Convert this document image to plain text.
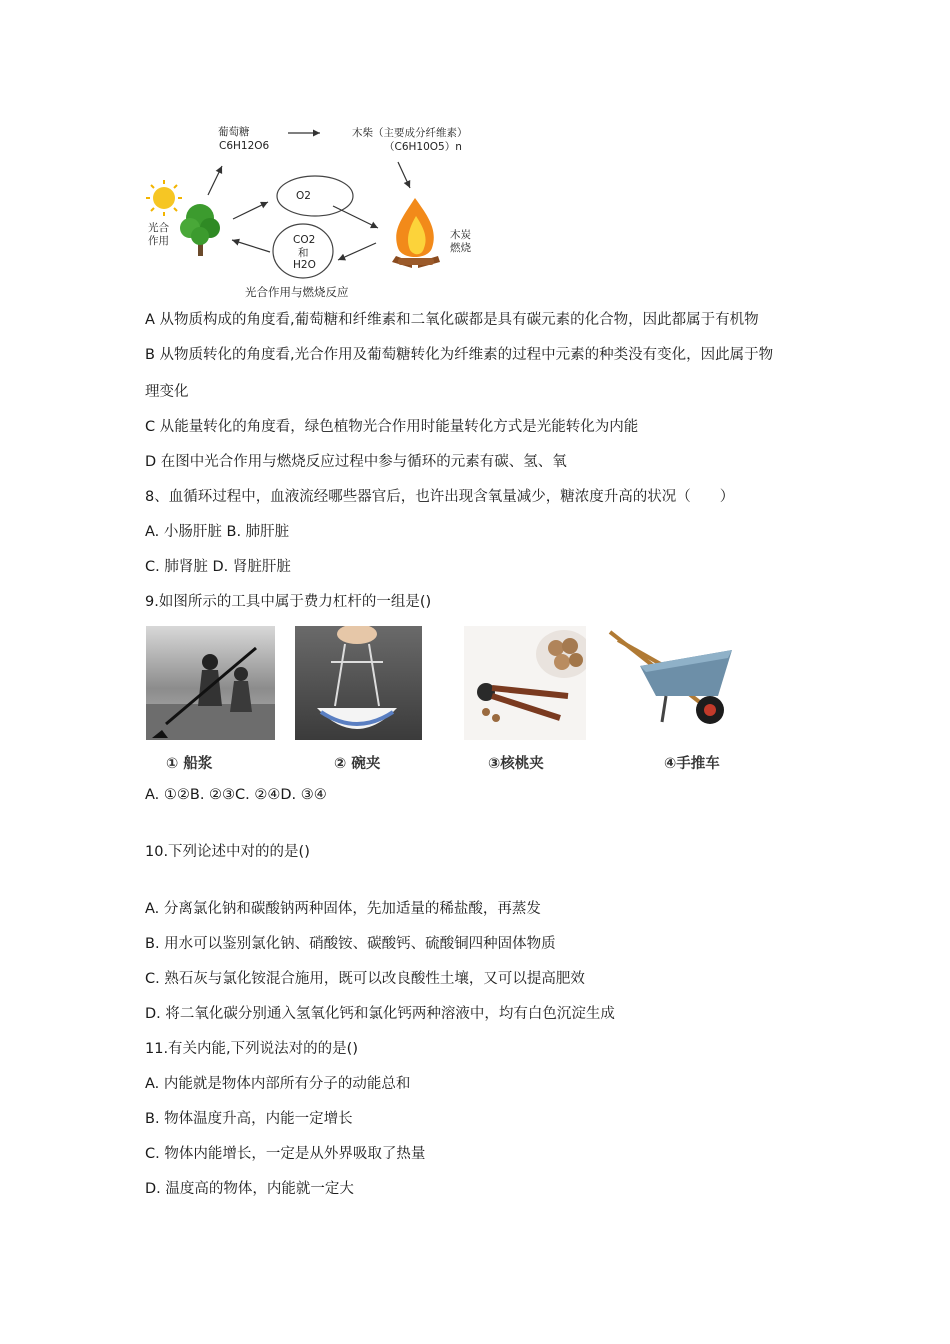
葡萄糖
C6H12O6
木柴（主要成分纤维素）
（C6H10O5）n
O2
CO2
和
H2O
光合
作用	木炭
燃烧
光合作用与燃烧反应
A 从物质构成的角度看,葡萄糖和纤维素和二氧化碳都是具有碳元素的化合物，因此都属于有机物
B 从物质转化的角度看,光合作用及葡萄糖转化为纤维素的过程中元素的种类没有变化，因此属于物
理变化
C 从能量转化的角度看，绿色植物光合作用时能量转化方式是光能转化为内能
D 在图中光合作用与燃烧反应过程中参与循环的元素有碳、氢、氧
8、血循环过程中，血液流经哪些器官后，也许出现含氧量减少，糖浓度升高的状况（　　）
A. 小肠肝脏 B. 肺肝脏
C. 肺肾脏 D. 肾脏肝脏
9.如图所示的工具中属于费力杠杆的一组是()
① 船浆	② 碗夹	③核桃夹	④手推车
A. ①②B. ②③C. ②④D. ③④
10.下列论述中对的的是()
A. 分离氯化钠和碳酸钠两种固体，先加适量的稀盐酸，再蒸发
B. 用水可以鉴别氯化钠、硝酸铵、碳酸钙、硫酸铜四种固体物质
C. 熟石灰与氯化铵混合施用，既可以改良酸性土壤，又可以提高肥效
D. 将二氧化碳分别通入氢氧化钙和氯化钙两种溶液中，均有白色沉淀生成
11.有关内能,下列说法对的的是()
A. 内能就是物体内部所有分子的动能总和
B. 物体温度升高，内能一定增长
C. 物体内能增长，一定是从外界吸取了热量
D. 温度高的物体，内能就一定大
